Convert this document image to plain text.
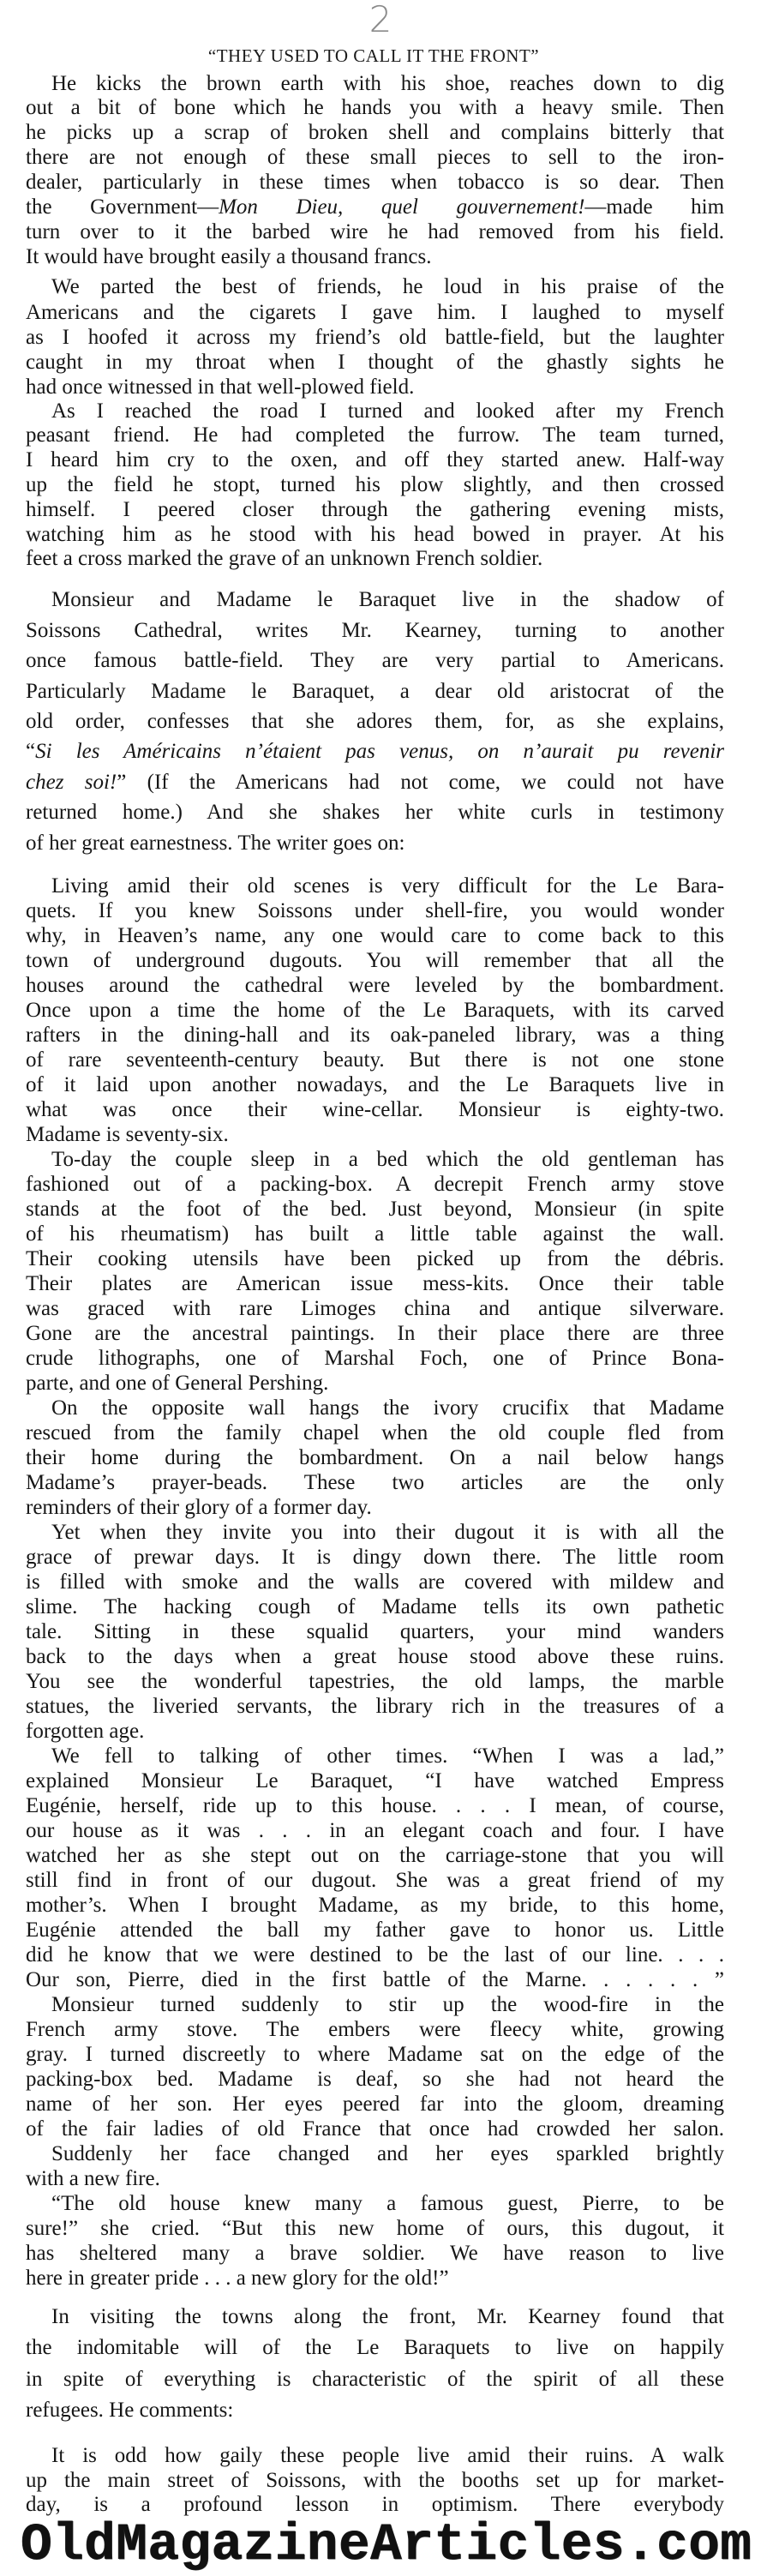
2
“THEY USED TO CALL IT THE FRONT”
He kicks the brown earth with his shoe, reaches down to dig
out a bit of bone which he hands you with a heavy smile. Then
he picks up a scrap of broken shell and complains bitterly that
there are not enough of these small pieces to sell to the iron-
dealer, particularly in these times when tobacco is so dear. Then
the Government—Mon Dieu, quel gouvernement!—made him
turn over to it the barbed wire he had removed from his field.
It would have brought easily a thousand francs.
We parted the best of friends, he loud in his praise of the
Americans and the cigarets I gave him. I laughed to myself
as I hoofed it across my friend’s old battle-field, but the laughter
caught in my throat when I thought of the ghastly sights he
had once witnessed in that well-plowed field.
As I reached the road I turned and looked after my French
peasant friend. He had completed the furrow. The team turned,
I heard him cry to the oxen, and off they started anew. Half-way
up the field he stopt, turned his plow slightly, and then crossed
himself. I peered closer through the gathering evening mists,
watching him as he stood with his head bowed in prayer. At his
feet a cross marked the grave of an unknown French soldier.
Monsieur and Madame le Baraquet live in the shadow of
Soissons Cathedral, writes Mr. Kearney, turning to another
once famous battle-field. They are very partial to Americans.
Particularly Madame le Baraquet, a dear old aristocrat of the
old order, confesses that she adores them, for, as she explains,
“Si les Américains n’étaient pas venus, on n’aurait pu revenir
chez soi!” (If the Americans had not come, we could not have
returned home.) And she shakes her white curls in testimony
of her great earnestness. The writer goes on:
Living amid their old scenes is very difficult for the Le Bara-
quets. If you knew Soissons under shell-fire, you would wonder
why, in Heaven’s name, any one would care to come back to this
town of underground dugouts. You will remember that all the
houses around the cathedral were leveled by the bombardment.
Once upon a time the home of the Le Baraquets, with its carved
rafters in the dining-hall and its oak-paneled library, was a thing
of rare seventeenth-century beauty. But there is not one stone
of it laid upon another nowadays, and the Le Baraquets live in
what was once their wine-cellar. Monsieur is eighty-two.
Madame is seventy-six.
To-day the couple sleep in a bed which the old gentleman has
fashioned out of a packing-box. A decrepit French army stove
stands at the foot of the bed. Just beyond, Monsieur (in spite
of his rheumatism) has built a little table against the wall.
Their cooking utensils have been picked up from the débris.
Their plates are American issue mess-kits. Once their table
was graced with rare Limoges china and antique silverware.
Gone are the ancestral paintings. In their place there are three
crude lithographs, one of Marshal Foch, one of Prince Bona-
parte, and one of General Pershing.
On the opposite wall hangs the ivory crucifix that Madame
rescued from the family chapel when the old couple fled from
their home during the bombardment. On a nail below hangs
Madame’s prayer-beads. These two articles are the only
reminders of their glory of a former day.
Yet when they invite you into their dugout it is with all the
grace of prewar days. It is dingy down there. The little room
is filled with smoke and the walls are covered with mildew and
slime. The hacking cough of Madame tells its own pathetic
tale. Sitting in these squalid quarters, your mind wanders
back to the days when a great house stood above these ruins.
You see the wonderful tapestries, the old lamps, the marble
statues, the liveried servants, the library rich in the treasures of a
forgotten age.
We fell to talking of other times. “When I was a lad,”
explained Monsieur Le Baraquet, “I have watched Empress
Eugénie, herself, ride up to this house. . . . I mean, of course,
our house as it was . . . in an elegant coach and four. I have
watched her as she stept out on the carriage-stone that you will
still find in front of our dugout. She was a great friend of my
mother’s. When I brought Madame, as my bride, to this home,
Eugénie attended the ball my father gave to honor us. Little
did he know that we were destined to be the last of our line. . . .
Our son, Pierre, died in the first battle of the Marne. . . . . . ”
Monsieur turned suddenly to stir up the wood-fire in the
French army stove. The embers were fleecy white, growing
gray. I turned discreetly to where Madame sat on the edge of the
packing-box bed. Madame is deaf, so she had not heard the
name of her son. Her eyes peered far into the gloom, dreaming
of the fair ladies of old France that once had crowded her salon.
Suddenly her face changed and her eyes sparkled brightly
with a new fire.
“The old house knew many a famous guest, Pierre, to be
sure!” she cried. “But this new home of ours, this dugout, it
has sheltered many a brave soldier. We have reason to live
here in greater pride . . . a new glory for the old!”
In visiting the towns along the front, Mr. Kearney found that
the indomitable will of the Le Baraquets to live on happily
in spite of everything is characteristic of the spirit of all these
refugees. He comments:
It is odd how gaily these people live amid their ruins. A walk
up the main street of Soissons, with the booths set up for market-
day, is a profound lesson in optimism. There everybody
OldMagazineArticles.com
